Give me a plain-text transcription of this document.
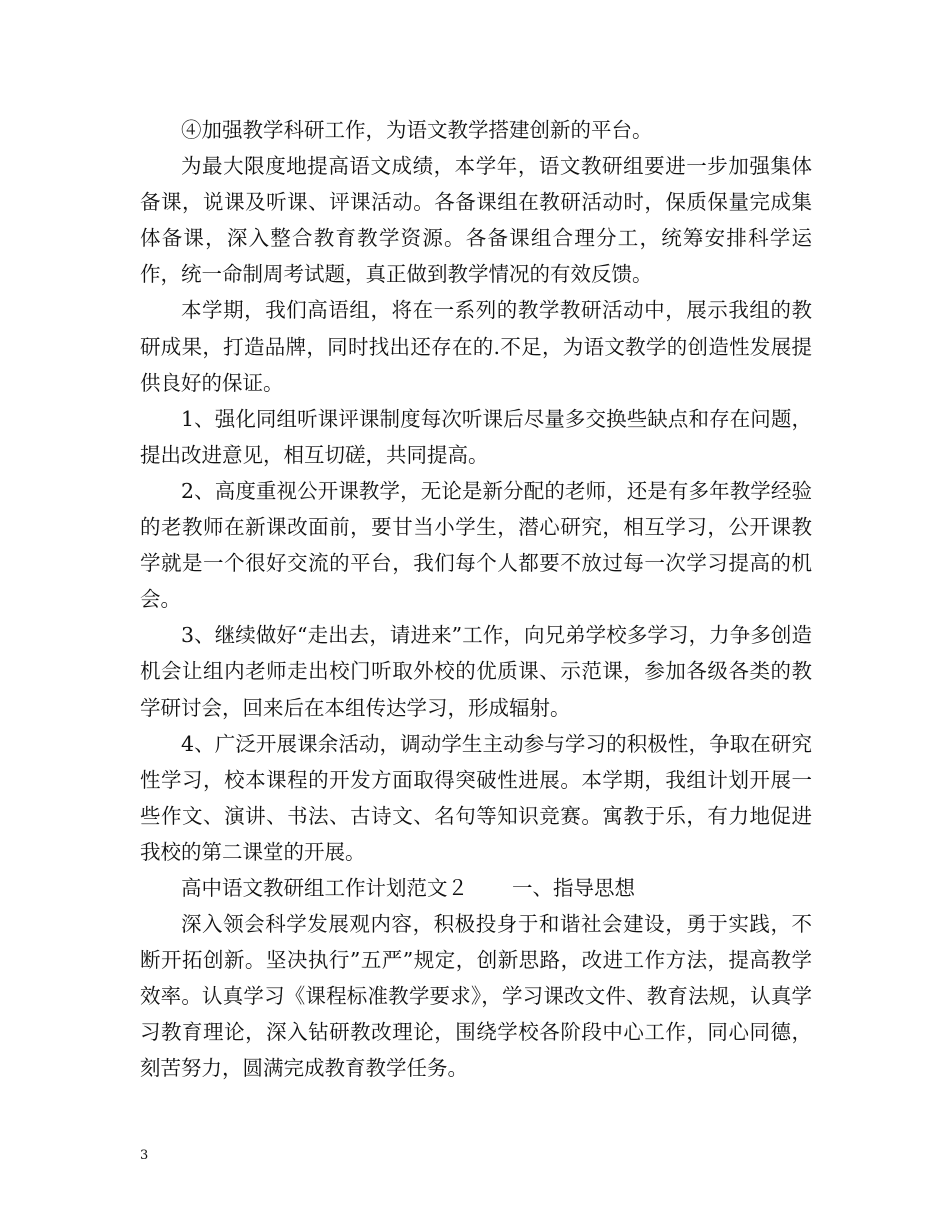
④加强教学科研工作，为语文教学搭建创新的平台。

为最大限度地提高语文成绩，本学年，语文教研组要进一步加强集体备课，说课及听课、评课活动。各备课组在教研活动时，保质保量完成集体备课，深入整合教育教学资源。各备课组合理分工，统筹安排科学运作，统一命制周考试题，真正做到教学情况的有效反馈。

本学期，我们高语组，将在一系列的教学教研活动中，展示我组的教研成果，打造品牌，同时找出还存在的.不足，为语文教学的创造性发展提供良好的保证。

1、强化同组听课评课制度每次听课后尽量多交换些缺点和存在问题，提出改进意见，相互切磋，共同提高。

2、高度重视公开课教学，无论是新分配的老师，还是有多年教学经验的老教师在新课改面前，要甘当小学生，潜心研究，相互学习，公开课教学就是一个很好交流的平台，我们每个人都要不放过每一次学习提高的机会。

3、继续做好“走出去，请进来”工作，向兄弟学校多学习，力争多创造机会让组内老师走出校门听取外校的优质课、示范课，参加各级各类的教学研讨会，回来后在本组传达学习，形成辐射。

4、广泛开展课余活动，调动学生主动参与学习的积极性，争取在研究性学习，校本课程的开发方面取得突破性进展。本学期，我组计划开展一些作文、演讲、书法、古诗文、名句等知识竞赛。寓教于乐，有力地促进我校的第二课堂的开展。

高中语文教研组工作计划范文２ 一、指导思想

深入领会科学发展观内容，积极投身于和谐社会建设，勇于实践，不断开拓创新。坚决执行”五严”规定，创新思路，改进工作方法，提高教学效率。认真学习《课程标准教学要求》，学习课改文件、教育法规，认真学习教育理论，深入钻研教改理论，围绕学校各阶段中心工作，同心同德，刻苦努力，圆满完成教育教学任务。

3
